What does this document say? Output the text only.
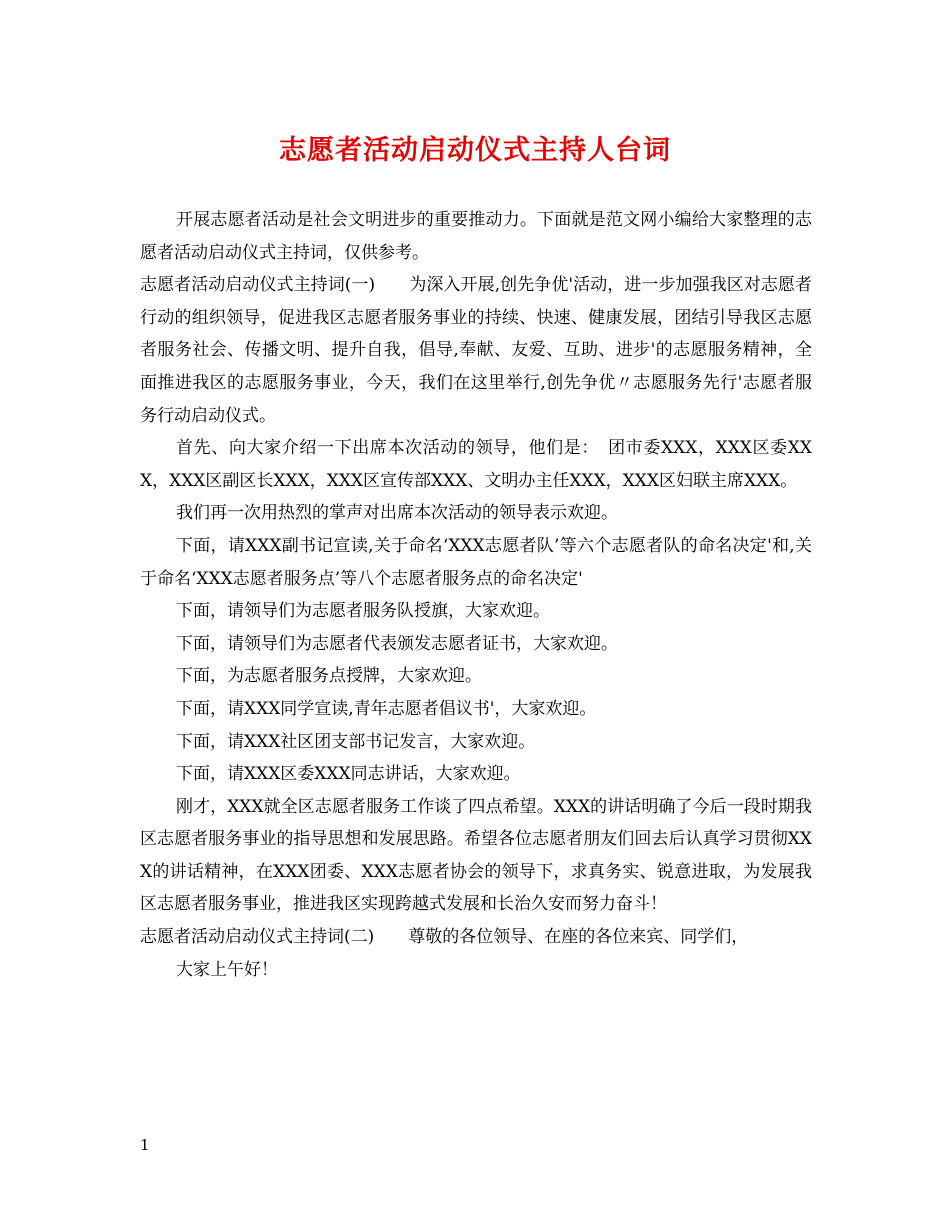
志愿者活动启动仪式主持人台词

开展志愿者活动是社会文明进步的重要推动力。下面就是范文网小编给大家整理的志愿者活动启动仪式主持词，仅供参考。

志愿者活动启动仪式主持词(一)　　为深入开展,创先争优'活动，进一步加强我区对志愿者行动的组织领导，促进我区志愿者服务事业的持续、快速、健康发展，团结引导我区志愿者服务社会、传播文明、提升自我，倡导,奉献、友爱、互助、进步'的志愿服务精神，全面推进我区的志愿服务事业，今天，我们在这里举行,创先争优〃志愿服务先行'志愿者服务行动启动仪式。

首先、向大家介绍一下出席本次活动的领导，他们是：　团市委XXX，XXX区委XXX，XXX区副区长XXX，XXX区宣传部XXX、文明办主任XXX，XXX区妇联主席XXX。

我们再一次用热烈的掌声对出席本次活动的领导表示欢迎。

下面，请XXX副书记宣读,关于命名‘XXX志愿者队’等六个志愿者队的命名决定'和,关于命名‘XXX志愿者服务点’等八个志愿者服务点的命名决定'

下面，请领导们为志愿者服务队授旗，大家欢迎。

下面，请领导们为志愿者代表颁发志愿者证书，大家欢迎。

下面，为志愿者服务点授牌，大家欢迎。

下面，请XXX同学宣读,青年志愿者倡议书'，大家欢迎。

下面，请XXX社区团支部书记发言，大家欢迎。

下面，请XXX区委XXX同志讲话，大家欢迎。

刚才，XXX就全区志愿者服务工作谈了四点希望。XXX的讲话明确了今后一段时期我区志愿者服务事业的指导思想和发展思路。希望各位志愿者朋友们回去后认真学习贯彻XXX的讲话精神，在XXX团委、XXX志愿者协会的领导下，求真务实、锐意进取，为发展我区志愿者服务事业，推进我区实现跨越式发展和长治久安而努力奋斗！

志愿者活动启动仪式主持词(二)　　尊敬的各位领导、在座的各位来宾、同学们，

大家上午好！

1
